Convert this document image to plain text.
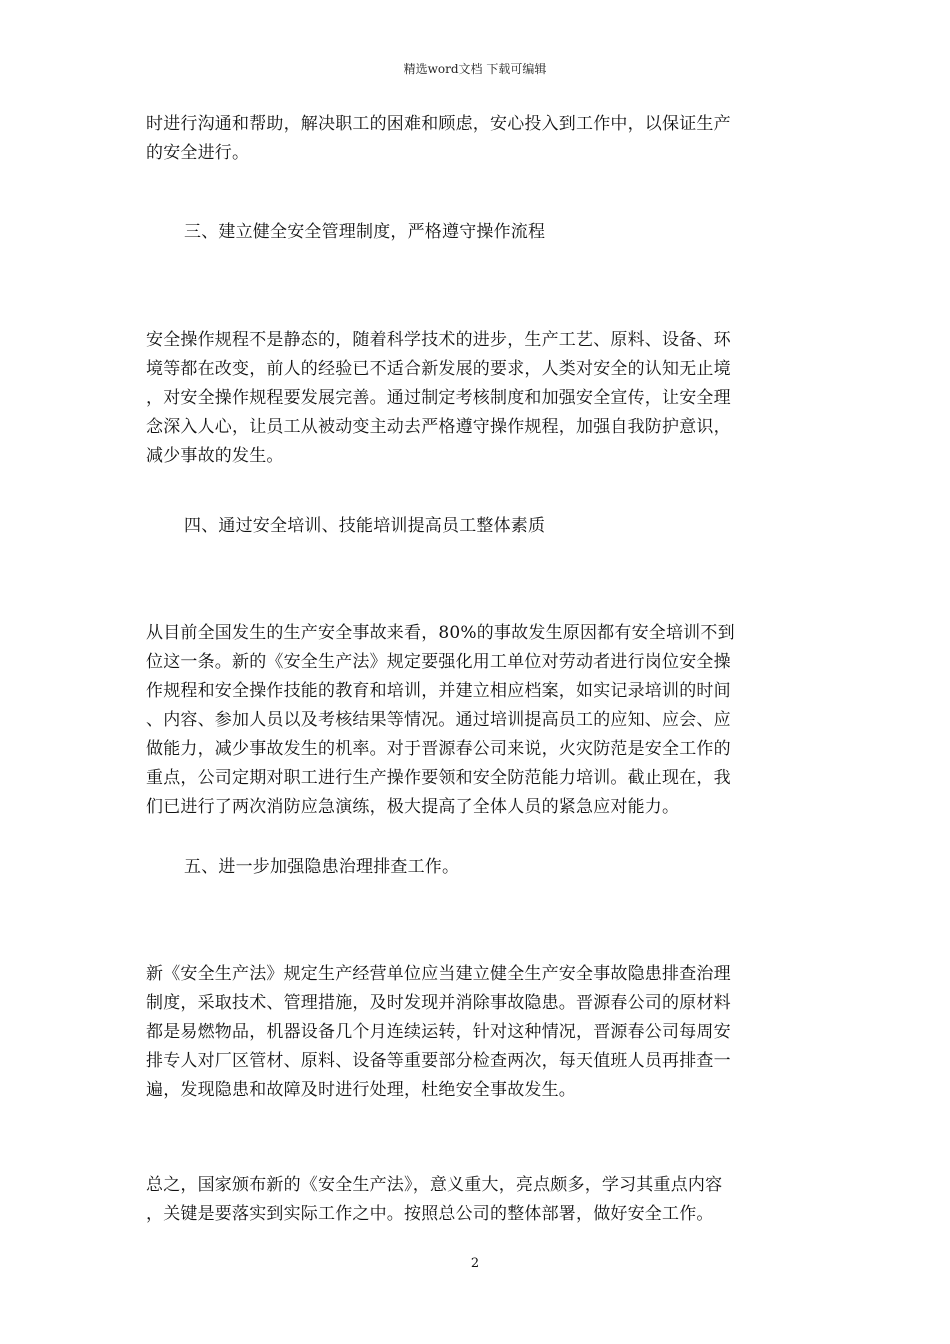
精选word文档 下载可编辑
时进行沟通和帮助，解决职工的困难和顾虑，安心投入到工作中，以保证生产
的安全进行。
三、建立健全安全管理制度，严格遵守操作流程
安全操作规程不是静态的，随着科学技术的进步，生产工艺、原料、设备、环
境等都在改变，前人的经验已不适合新发展的要求，人类对安全的认知无止境
，对安全操作规程要发展完善。通过制定考核制度和加强安全宣传，让安全理
念深入人心，让员工从被动变主动去严格遵守操作规程，加强自我防护意识，
减少事故的发生。
四、通过安全培训、技能培训提高员工整体素质
从目前全国发生的生产安全事故来看，80%的事故发生原因都有安全培训不到
位这一条。新的《安全生产法》规定要强化用工单位对劳动者进行岗位安全操
作规程和安全操作技能的教育和培训，并建立相应档案，如实记录培训的时间
、内容、参加人员以及考核结果等情况。通过培训提高员工的应知、应会、应
做能力，减少事故发生的机率。对于晋源春公司来说，火灾防范是安全工作的
重点，公司定期对职工进行生产操作要领和安全防范能力培训。截止现在，我
们已进行了两次消防应急演练，极大提高了全体人员的紧急应对能力。
五、进一步加强隐患治理排查工作。
新《安全生产法》规定生产经营单位应当建立健全生产安全事故隐患排查治理
制度，采取技术、管理措施，及时发现并消除事故隐患。晋源春公司的原材料
都是易燃物品，机器设备几个月连续运转，针对这种情况，晋源春公司每周安
排专人对厂区管材、原料、设备等重要部分检查两次，每天值班人员再排查一
遍，发现隐患和故障及时进行处理，杜绝安全事故发生。
总之，国家颁布新的《安全生产法》，意义重大，亮点颇多，学习其重点内容
，关键是要落实到实际工作之中。按照总公司的整体部署，做好安全工作。
2
